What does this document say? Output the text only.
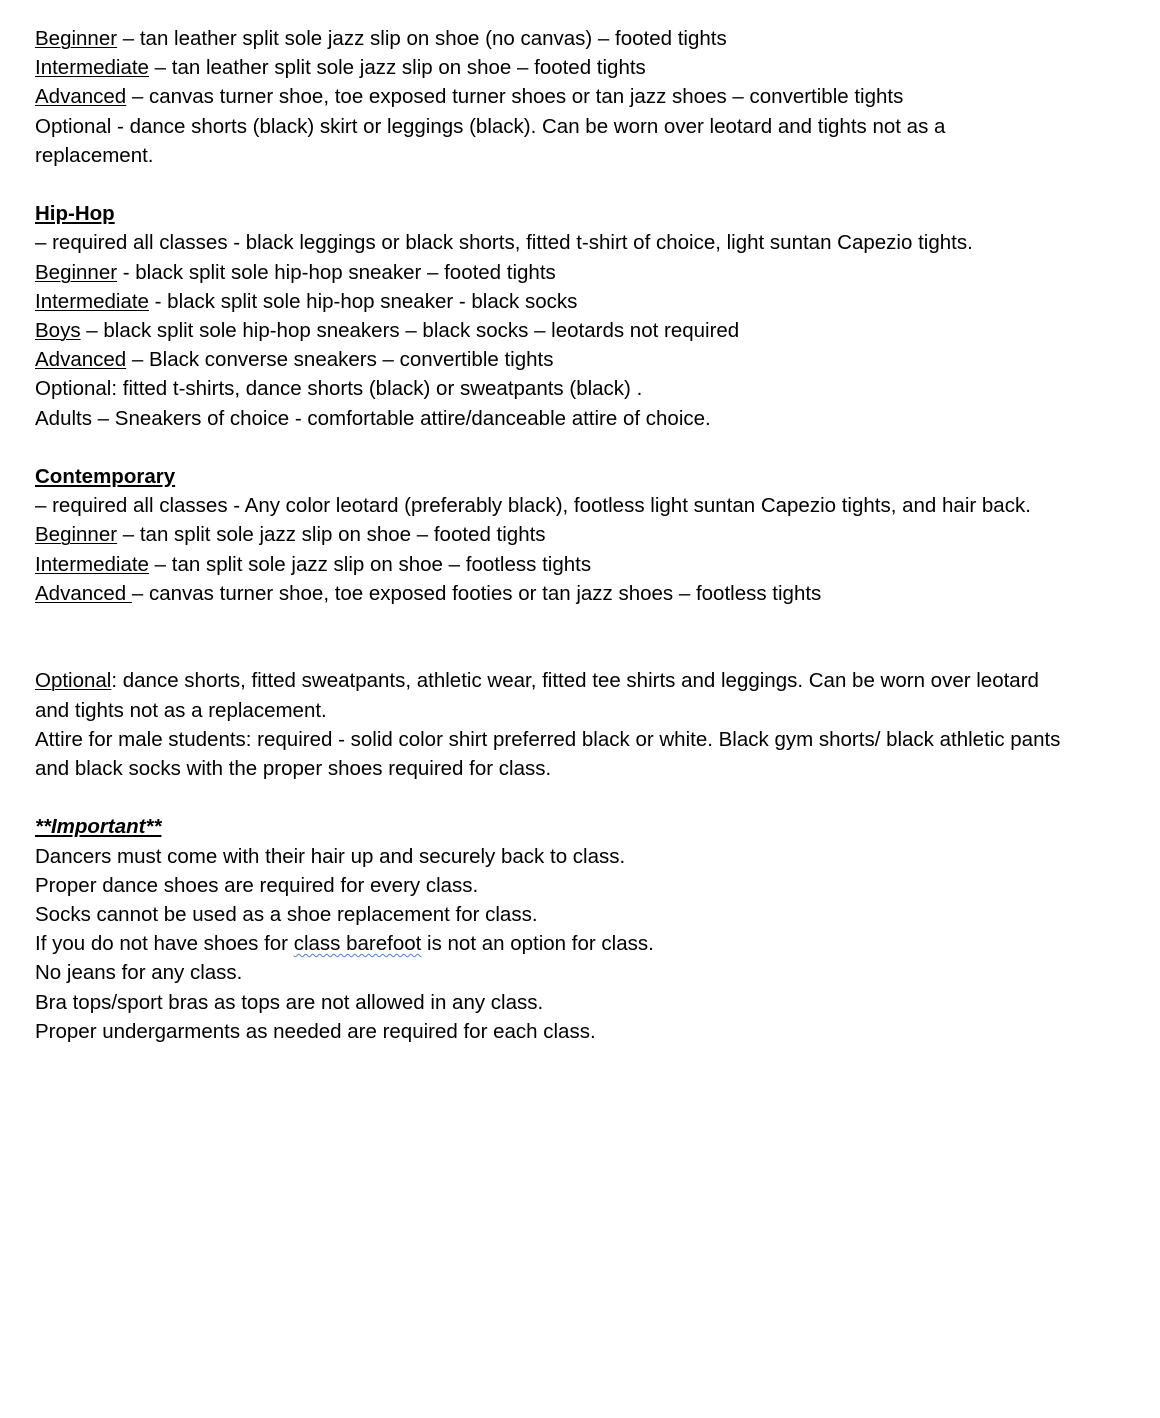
Beginner – tan leather split sole jazz slip on shoe (no canvas) – footed tights

Intermediate – tan leather split sole jazz slip on shoe – footed tights

Advanced – canvas turner shoe, toe exposed turner shoes or tan jazz shoes – convertible tights

Optional - dance shorts (black) skirt or leggings (black). Can be worn over leotard and tights not as a replacement.

Hip-Hop

– required all classes - black leggings or black shorts, fitted t-shirt of choice, light suntan Capezio tights.

Beginner - black split sole hip-hop sneaker – footed tights

Intermediate - black split sole hip-hop sneaker - black socks

Boys – black split sole hip-hop sneakers – black socks – leotards not required

Advanced – Black converse sneakers – convertible tights

Optional: fitted t-shirts, dance shorts (black) or sweatpants (black) .

Adults – Sneakers of choice - comfortable attire/danceable attire of choice.

Contemporary

– required all classes - Any color leotard (preferably black), footless light suntan Capezio tights, and hair back.

Beginner – tan split sole jazz slip on shoe – footed tights

Intermediate – tan split sole jazz slip on shoe – footless tights

Advanced – canvas turner shoe, toe exposed footies or tan jazz shoes – footless tights

Optional: dance shorts, fitted sweatpants, athletic wear, fitted tee shirts and leggings. Can be worn over leotard and tights not as a replacement.

Attire for male students: required - solid color shirt preferred black or white. Black gym shorts/ black athletic pants and black socks with the proper shoes required for class.

**Important**

Dancers must come with their hair up and securely back to class.

Proper dance shoes are required for every class.

Socks cannot be used as a shoe replacement for class.

If you do not have shoes for class barefoot is not an option for class.

No jeans for any class.

Bra tops/sport bras as tops are not allowed in any class.

Proper undergarments as needed are required for each class.
